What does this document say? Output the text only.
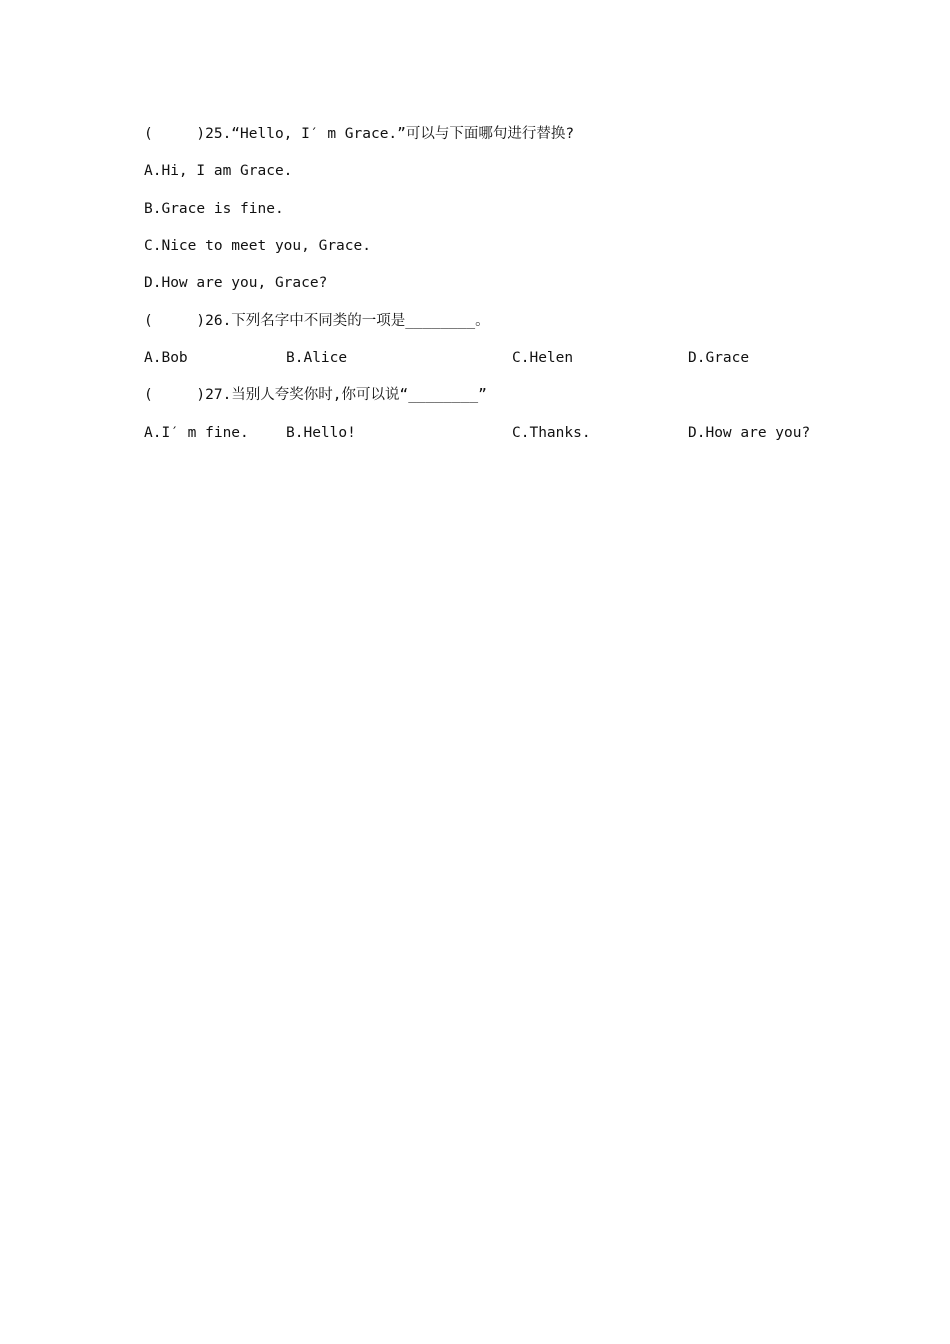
(     )25.“Hello, I′ m Grace.”可以与下面哪句进行替换?
A.Hi, I am Grace.
B.Grace is fine.
C.Nice to meet you, Grace.
D.How are you, Grace?
(     )26.下列名字中不同类的一项是________。
A.Bob	B.Alice	C.Helen	D.Grace
(     )27.当别人夸奖你时,你可以说“________”
A.I′ m fine.	B.Hello!	C.Thanks.	D.How are you?
